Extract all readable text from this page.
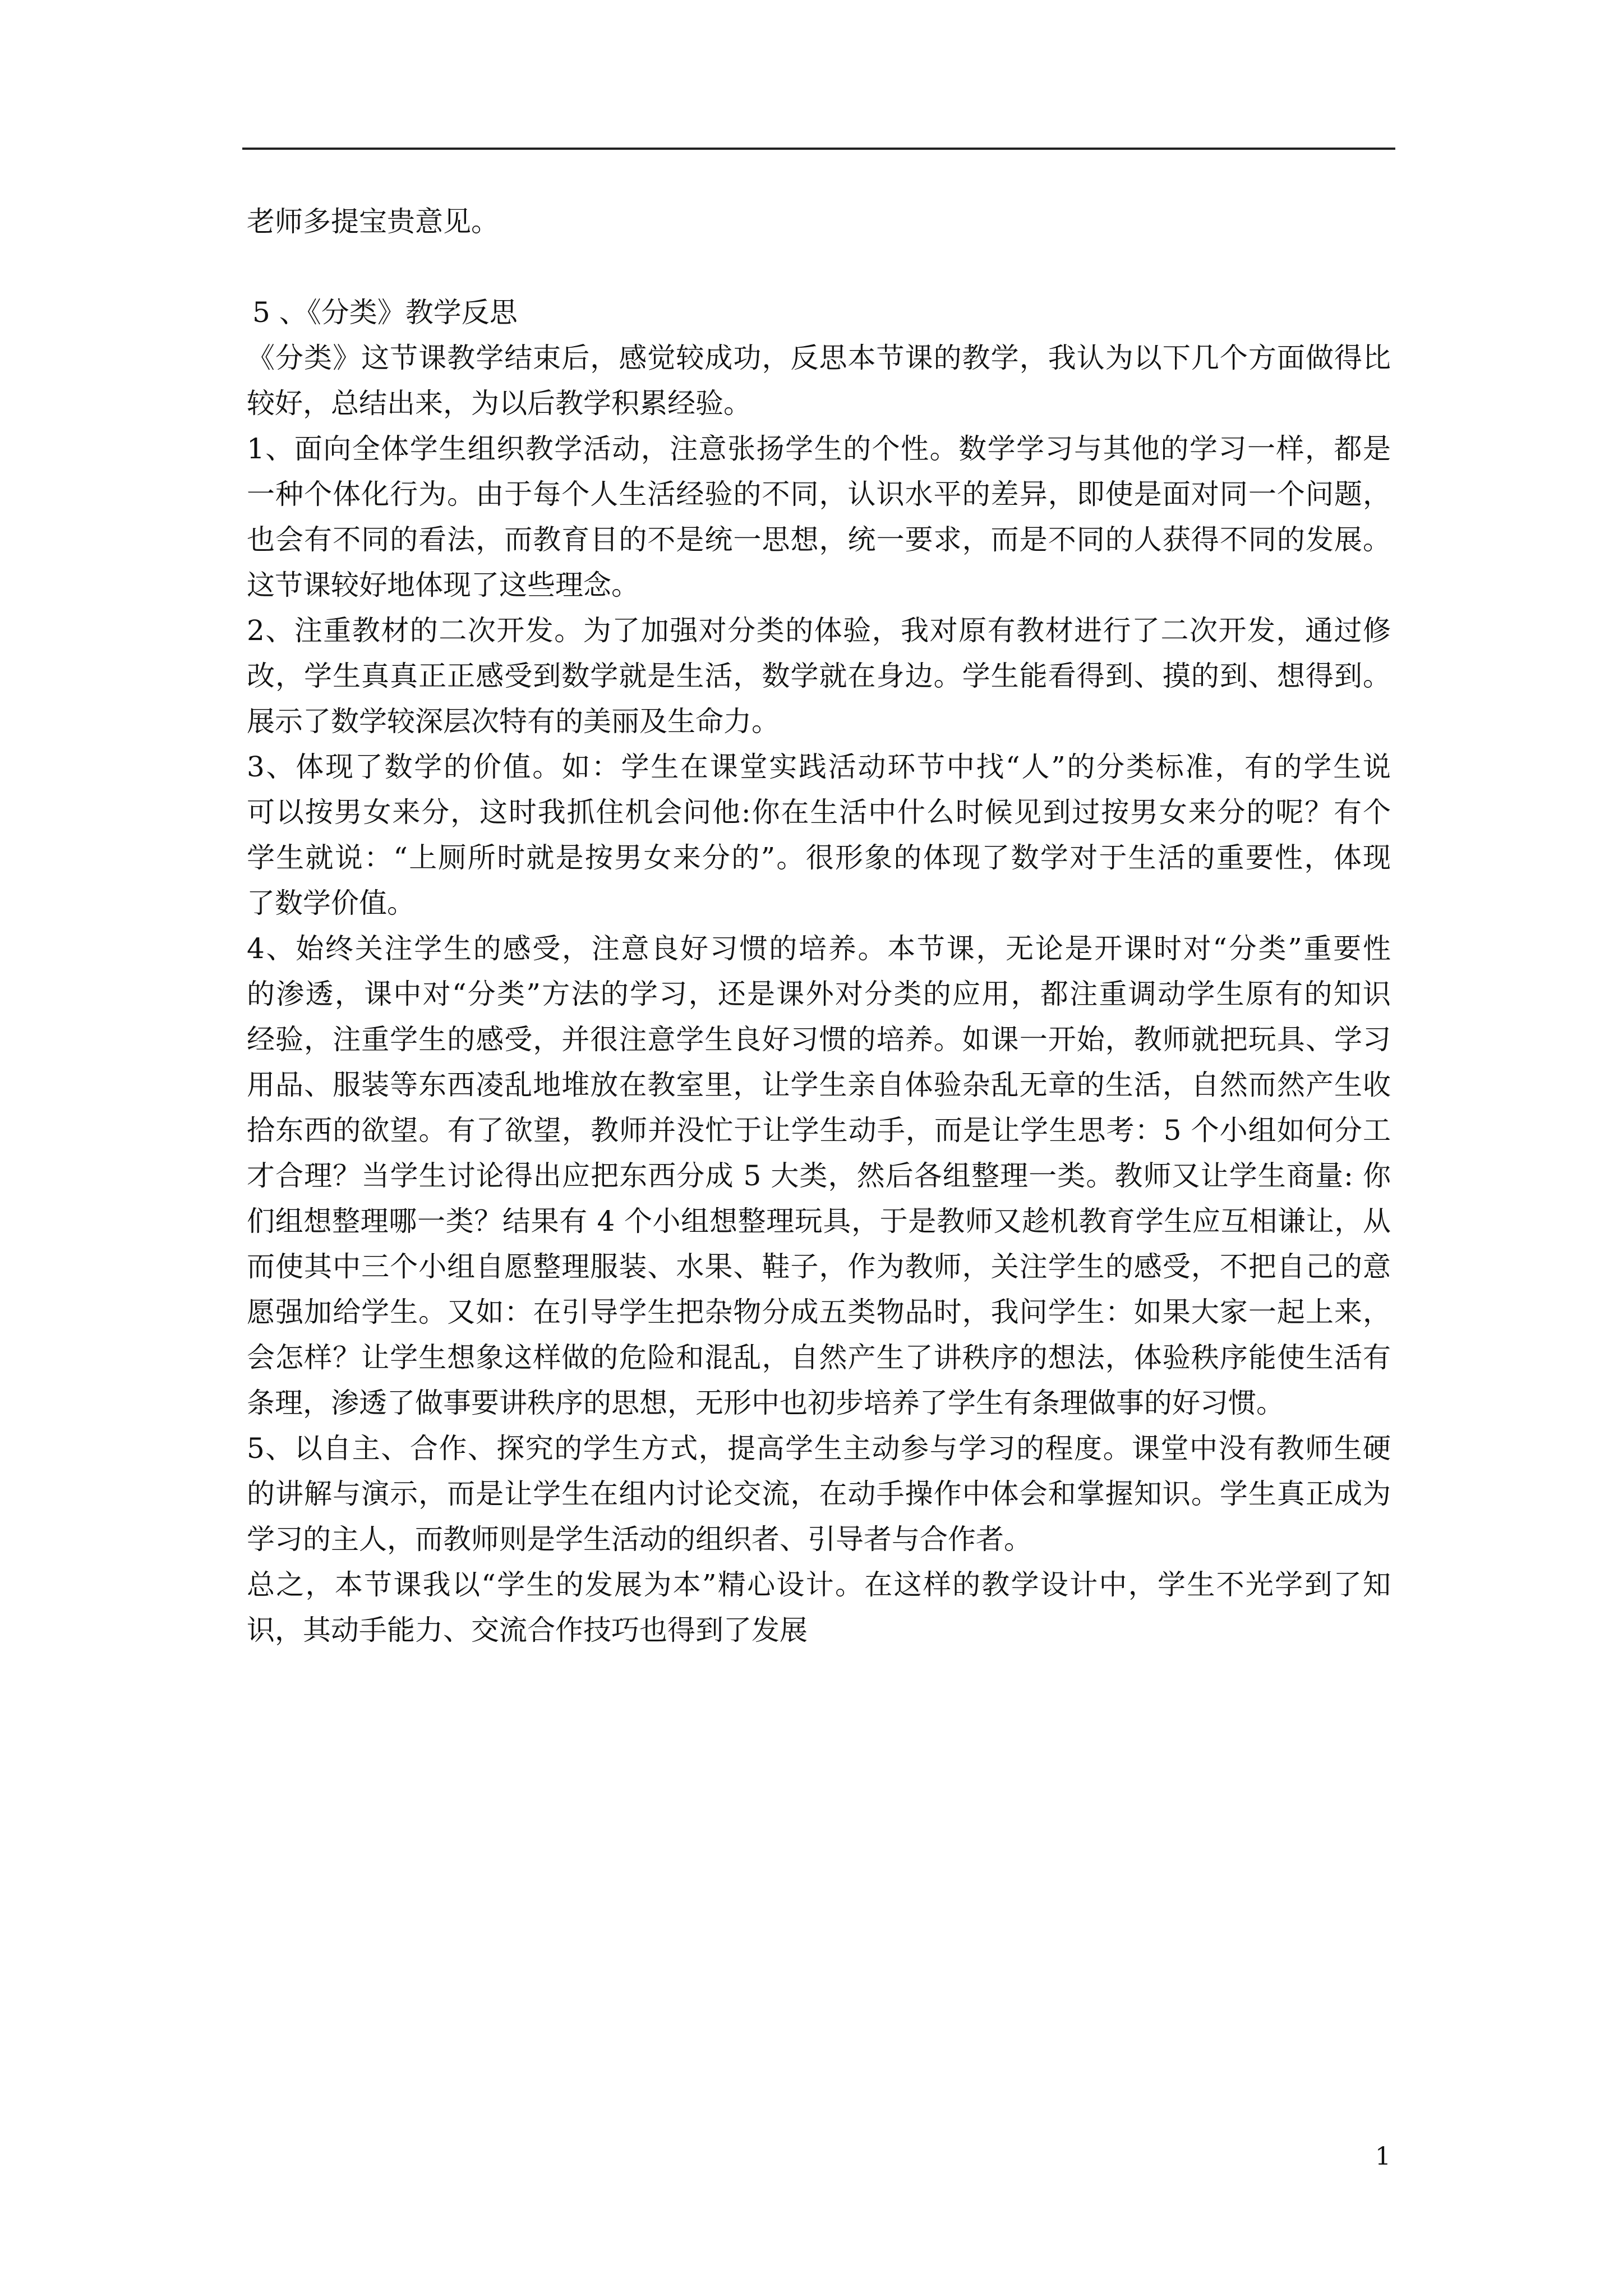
老师多提宝贵意见。
5 、《分类》教学反思
《分类》这节课教学结束后，感觉较成功，反思本节课的教学，我认为以下几个方面做得比
较好，总结出来，为以后教学积累经验。
1、面向全体学生组织教学活动，注意张扬学生的个性。数学学习与其他的学习一样，都是
一种个体化行为。由于每个人生活经验的不同，认识水平的差异，即使是面对同一个问题，
也会有不同的看法，而教育目的不是统一思想，统一要求，而是不同的人获得不同的发展。
这节课较好地体现了这些理念。
2、注重教材的二次开发。为了加强对分类的体验，我对原有教材进行了二次开发，通过修
改，学生真真正正感受到数学就是生活，数学就在身边。学生能看得到、摸的到、想得到。
展示了数学较深层次特有的美丽及生命力。
3、体现了数学的价值。如：学生在课堂实践活动环节中找“人”的分类标准，有的学生说
可以按男女来分，这时我抓住机会问他:你在生活中什么时候见到过按男女来分的呢？有个
学生就说：“上厕所时就是按男女来分的”。很形象的体现了数学对于生活的重要性，体现
了数学价值。
4、始终关注学生的感受，注意良好习惯的培养。本节课，无论是开课时对“分类”重要性
的渗透，课中对“分类”方法的学习，还是课外对分类的应用，都注重调动学生原有的知识
经验，注重学生的感受，并很注意学生良好习惯的培养。如课一开始，教师就把玩具、学习
用品、服装等东西凌乱地堆放在教室里，让学生亲自体验杂乱无章的生活，自然而然产生收
拾东西的欲望。有了欲望，教师并没忙于让学生动手，而是让学生思考：5 个小组如何分工
才合理？当学生讨论得出应把东西分成 5 大类，然后各组整理一类。教师又让学生商量: 你
们组想整理哪一类？结果有 4 个小组想整理玩具，于是教师又趁机教育学生应互相谦让，从
而使其中三个小组自愿整理服装、水果、鞋子，作为教师，关注学生的感受，不把自己的意
愿强加给学生。又如：在引导学生把杂物分成五类物品时，我问学生：如果大家一起上来，
会怎样？让学生想象这样做的危险和混乱，自然产生了讲秩序的想法，体验秩序能使生活有
条理，渗透了做事要讲秩序的思想，无形中也初步培养了学生有条理做事的好习惯。
5、以自主、合作、探究的学生方式，提高学生主动参与学习的程度。课堂中没有教师生硬
的讲解与演示，而是让学生在组内讨论交流，在动手操作中体会和掌握知识。学生真正成为
学习的主人，而教师则是学生活动的组织者、引导者与合作者。
总之，本节课我以“学生的发展为本”精心设计。在这样的教学设计中，学生不光学到了知
识，其动手能力、交流合作技巧也得到了发展
1
